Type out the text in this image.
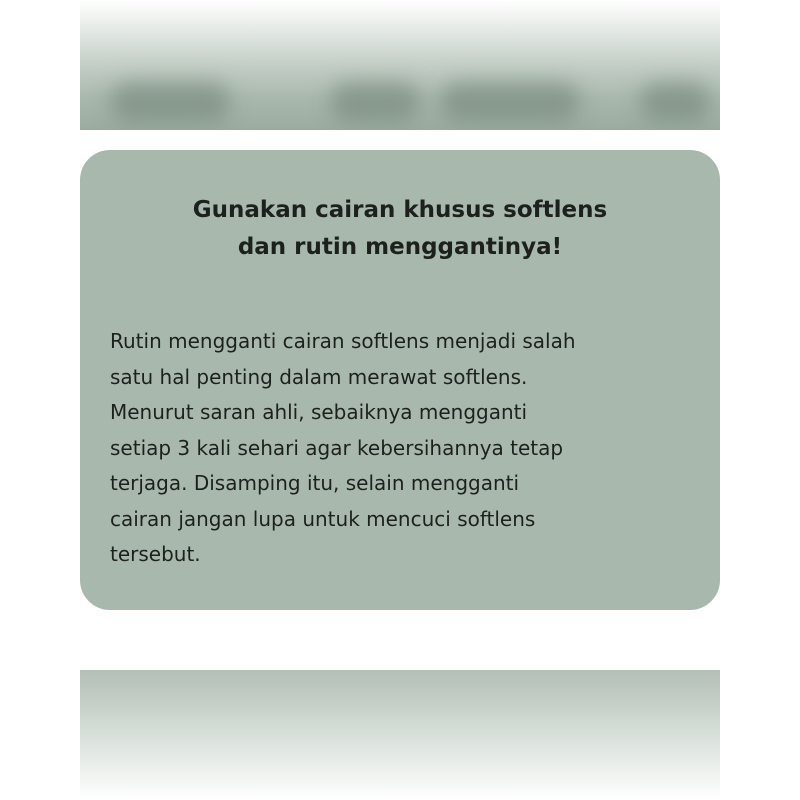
Gunakan cairan khusus softlens
dan rutin menggantinya!

Rutin mengganti cairan softlens menjadi salah
satu hal penting dalam merawat softlens.
Menurut saran ahli, sebaiknya mengganti
setiap 3 kali sehari agar kebersihannya tetap
terjaga. Disamping itu, selain mengganti
cairan jangan lupa untuk mencuci softlens
tersebut.
